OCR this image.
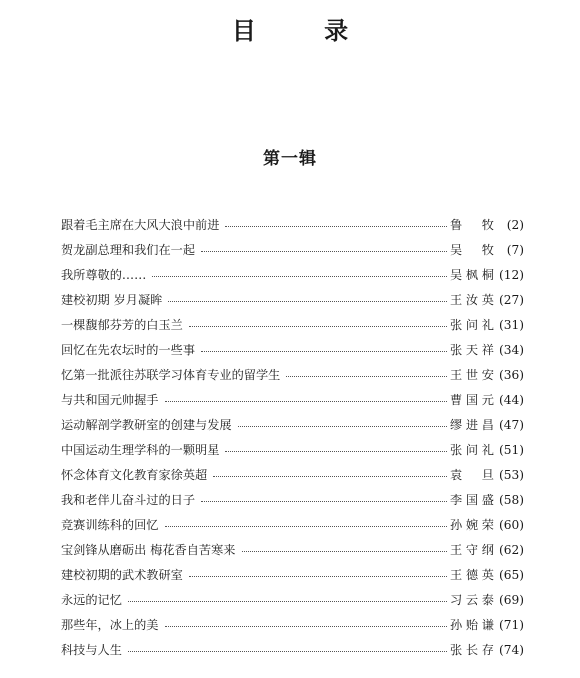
目 录
第一辑
跟着毛主席在大风大浪中前进	鲁 牧	(2)
贺龙副总理和我们在一起	吴 牧	(7)
我所尊敬的……	吴枫桐 (12)
建校初期 岁月凝眸	王汝英 (27)
一棵馥郁芬芳的白玉兰	张问礼 (31)
回忆在先农坛时的一些事	张天祥 (34)
忆第一批派往苏联学习体育专业的留学生	王世安 (36)
与共和国元帅握手	曹国元 (44)
运动解剖学教研室的创建与发展	缪进昌 (47)
中国运动生理学科的一颗明星	张问礼 (51)
怀念体育文化教育家徐英超	袁 旦 (53)
我和老伴儿奋斗过的日子	李国盛 (58)
竞赛训练科的回忆	孙婉荣 (60)
宝剑锋从磨砺出 梅花香自苦寒来	王守纲 (62)
建校初期的武术教研室	王德英 (65)
永远的记忆	习云泰 (69)
那些年，冰上的美	孙贻谦 (71)
科技与人生	张长存 (74)
